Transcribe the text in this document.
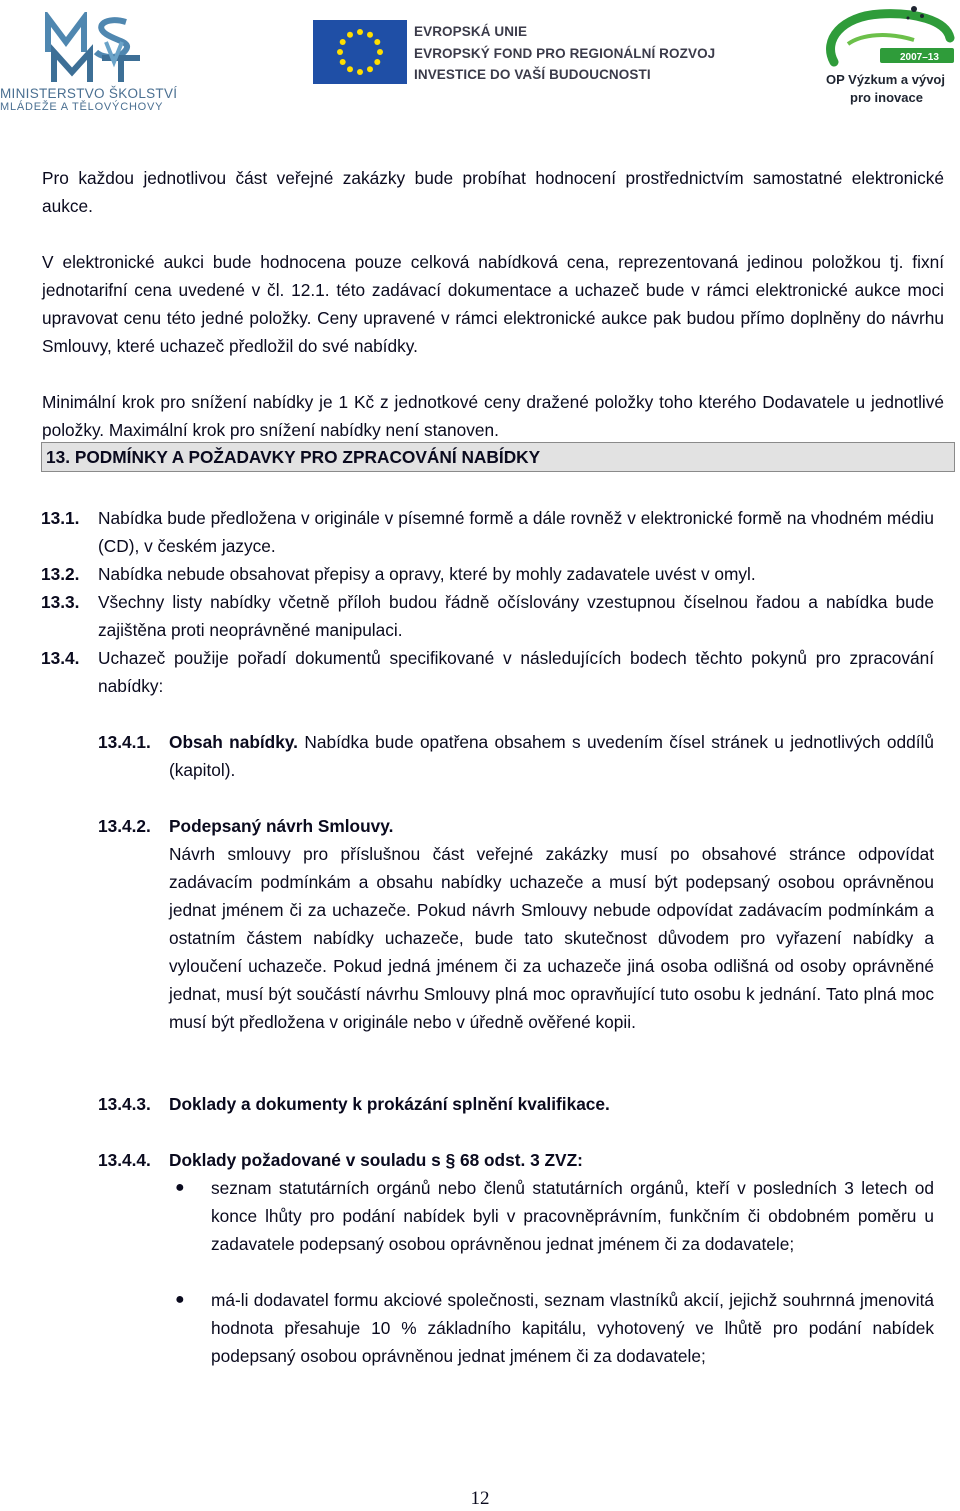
MINISTERSTVO ŠKOLSTVÍ
MLÁDEŽE A TĚLOVÝCHOVY
EVROPSKÁ UNIE
EVROPSKÝ FOND PRO REGIONÁLNÍ ROZVOJ
INVESTICE DO VAŠÍ BUDOUCNOSTI
2007–13
OP Výzkum a vývoj
pro inovace
Pro každou jednotlivou část veřejné zakázky bude probíhat hodnocení prostřednictvím samostatné elektronické aukce.
V elektronické aukci bude hodnocena pouze celková nabídková cena, reprezentovaná jedinou položkou tj. fixní jednotarifní cena uvedené v čl. 12.1. této zadávací dokumentace a uchazeč bude v rámci elektronické aukce moci upravovat cenu této jedné položky. Ceny upravené v rámci elektronické aukce pak budou přímo doplněny do návrhu Smlouvy, které uchazeč předložil do své nabídky.
Minimální krok pro snížení nabídky je 1 Kč z jednotkové ceny dražené položky toho kterého Dodavatele u jednotlivé položky. Maximální krok pro snížení nabídky není stanoven.
13. PODMÍNKY A POŽADAVKY PRO ZPRACOVÁNÍ NABÍDKY
13.1. Nabídka bude předložena v originále v písemné formě a dále rovněž v elektronické formě na vhodném médiu (CD), v českém jazyce.
13.2. Nabídka nebude obsahovat přepisy a opravy, které by mohly zadavatele uvést v omyl.
13.3. Všechny listy nabídky včetně příloh budou řádně očíslovány vzestupnou číselnou řadou a nabídka bude zajištěna proti neoprávněné manipulaci.
13.4. Uchazeč použije pořadí dokumentů specifikované v následujících bodech těchto pokynů pro zpracování nabídky:
13.4.1. Obsah nabídky. Nabídka bude opatřena obsahem s uvedením čísel stránek u jednotlivých oddílů (kapitol).
13.4.2. Podepsaný návrh Smlouvy.
Návrh smlouvy pro příslušnou část veřejné zakázky musí po obsahové stránce odpovídat zadávacím podmínkám a obsahu nabídky uchazeče a musí být podepsaný osobou oprávněnou jednat jménem či za uchazeče. Pokud návrh Smlouvy nebude odpovídat zadávacím podmínkám a ostatním částem nabídky uchazeče, bude tato skutečnost důvodem pro vyřazení nabídky a vyloučení uchazeče. Pokud jedná jménem či za uchazeče jiná osoba odlišná od osoby oprávněné jednat, musí být součástí návrhu Smlouvy plná moc opravňující tuto osobu k jednání. Tato plná moc musí být předložena v originále nebo v úředně ověřené kopii.
13.4.3. Doklady a dokumenty k prokázání splnění kvalifikace.
13.4.4. Doklady požadované v souladu s § 68 odst. 3 ZVZ:
● seznam statutárních orgánů nebo členů statutárních orgánů, kteří v posledních 3 letech od konce lhůty pro podání nabídek byli v pracovněprávním, funkčním či obdobném poměru u zadavatele podepsaný osobou oprávněnou jednat jménem či za dodavatele;
● má-li dodavatel formu akciové společnosti, seznam vlastníků akcií, jejichž souhrnná jmenovitá hodnota přesahuje 10 % základního kapitálu, vyhotovený ve lhůtě pro podání nabídek podepsaný osobou oprávněnou jednat jménem či za dodavatele;
12
